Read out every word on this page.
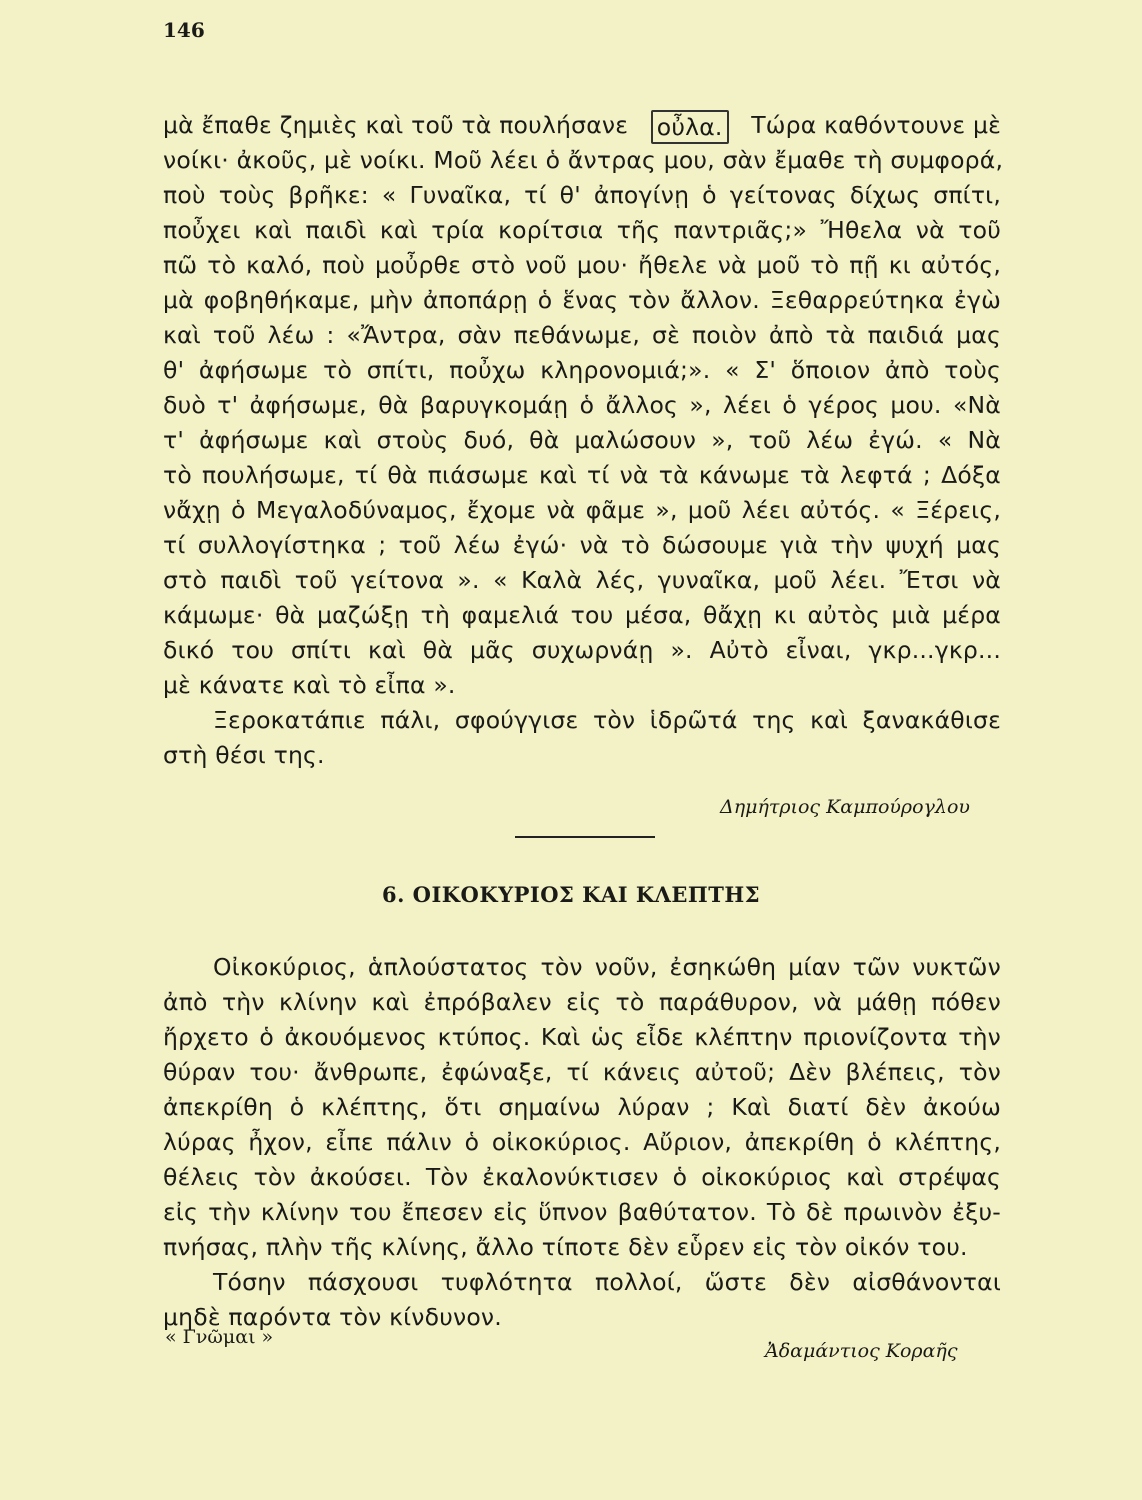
146
μὰ ἔπαθε ζημιὲς καὶ τοῦ τὰ πουλήσανε οὖλα. Τώρα καθόντουνε μὲ
νοίκι· ἀκοῦς, μὲ νοίκι. Μοῦ λέει ὁ ἄντρας μου, σὰν ἔμαθε τὴ συμφορά,
ποὺ τοὺς βρῆκε: « Γυναῖκα, τί θ' ἀπογίνῃ ὁ γείτονας δίχως σπίτι,
ποὖχει καὶ παιδὶ καὶ τρία κορίτσια τῆς παντριᾶς;» Ἤθελα νὰ τοῦ
πῶ τὸ καλό, ποὺ μοὖρθε στὸ νοῦ μου· ἤθελε νὰ μοῦ τὸ πῇ κι αὐτός,
μὰ φοβηθήκαμε, μὴν ἀποπάρῃ ὁ ἕνας τὸν ἄλλον. Ξεθαρρεύτηκα ἐγὼ
καὶ τοῦ λέω : «Ἄντρα, σὰν πεθάνωμε, σὲ ποιὸν ἀπὸ τὰ παιδιά μας
θ' ἀφήσωμε τὸ σπίτι, ποὖχω κληρονομιά;». « Σ' ὅποιον ἀπὸ τοὺς
δυὸ τ' ἀφήσωμε, θὰ βαρυγκομάῃ ὁ ἄλλος », λέει ὁ γέρος μου. «Νὰ
τ' ἀφήσωμε καὶ στοὺς δυό, θὰ μαλώσουν », τοῦ λέω ἐγώ. « Νὰ
τὸ πουλήσωμε, τί θὰ πιάσωμε καὶ τί νὰ τὰ κάνωμε τὰ λεφτά ; Δόξα
νἄχῃ ὁ Μεγαλοδύναμος, ἔχομε νὰ φᾶμε », μοῦ λέει αὐτός. « Ξέρεις,
τί συλλογίστηκα ; τοῦ λέω ἐγώ· νὰ τὸ δώσουμε γιὰ τὴν ψυχή μας
στὸ παιδὶ τοῦ γείτονα ». « Καλὰ λές, γυναῖκα, μοῦ λέει. Ἔτσι νὰ
κάμωμε· θὰ μαζώξῃ τὴ φαμελιά του μέσα, θἄχῃ κι αὐτὸς μιὰ μέρα
δικό του σπίτι καὶ θὰ μᾶς συχωρνάῃ ». Αὐτὸ εἶναι, γκρ...γκρ...
μὲ κάνατε καὶ τὸ εἶπα ».
Ξεροκατάπιε πάλι, σφούγγισε τὸν ἱδρῶτά της καὶ ξανακάθισε
στὴ θέσι της.
Δημήτριος Καμπούρογλου
6. ΟΙΚΟΚΥΡΙΟΣ ΚΑΙ ΚΛΕΠΤΗΣ
Οἰκοκύριος, ἁπλούστατος τὸν νοῦν, ἐσηκώθη μίαν τῶν νυκτῶν
ἀπὸ τὴν κλίνην καὶ ἐπρόβαλεν εἰς τὸ παράθυρον, νὰ μάθῃ πόθεν
ἤρχετο ὁ ἀκουόμενος κτύπος. Καὶ ὡς εἶδε κλέπτην πριονίζοντα τὴν
θύραν του· ἄνθρωπε, ἐφώναξε, τί κάνεις αὐτοῦ; Δὲν βλέπεις, τὸν
ἀπεκρίθη ὁ κλέπτης, ὅτι σημαίνω λύραν ; Καὶ διατί δὲν ἀκούω
λύρας ἦχον, εἶπε πάλιν ὁ οἰκοκύριος. Αὔριον, ἀπεκρίθη ὁ κλέπτης,
θέλεις τὸν ἀκούσει. Τὸν ἐκαλονύκτισεν ὁ οἰκοκύριος καὶ στρέψας
εἰς τὴν κλίνην του ἔπεσεν εἰς ὕπνον βαθύτατον. Τὸ δὲ πρωινὸν ἐξυ-
πνήσας, πλὴν τῆς κλίνης, ἄλλο τίποτε δὲν εὗρεν εἰς τὸν οἰκόν του.
Τόσην πάσχουσι τυφλότητα πολλοί, ὥστε δὲν αἰσθάνονται
μηδὲ παρόντα τὸν κίνδυνον.
« Γνῶμαι »
Ἀδαμάντιος Κοραῆς
